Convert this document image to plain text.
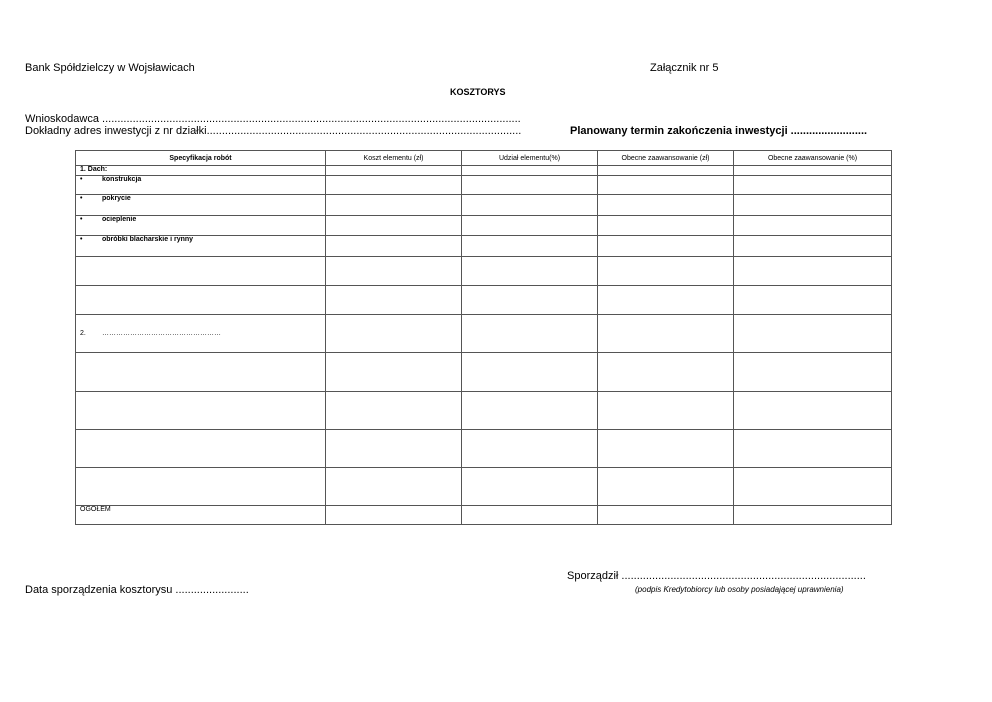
Bank Spółdzielczy w Wojsławicach	Załącznik nr 5
KOSZTORYS
Wnioskodawca .........................................................................................................................................
Dokładny adres inwestycji z nr działki.......................................................................................................	Planowany termin zakończenia inwestycji .........................
Specyfikacja robót	Koszt elementu (zł)	Udział elementu(%)	Obecne zaawansowanie (zł)	Obecne zaawansowanie (%)
1. Dach:				
• konstrukcja				
• pokrycie				
• ocieplenie				
• obróbki blacharskie i rynny				

2. ……………………………………………				

OGÓŁEM				
Sporządził ................................................................................
(podpis Kredytobiorcy lub osoby posiadającej uprawnienia)
Data sporządzenia kosztorysu ........................
